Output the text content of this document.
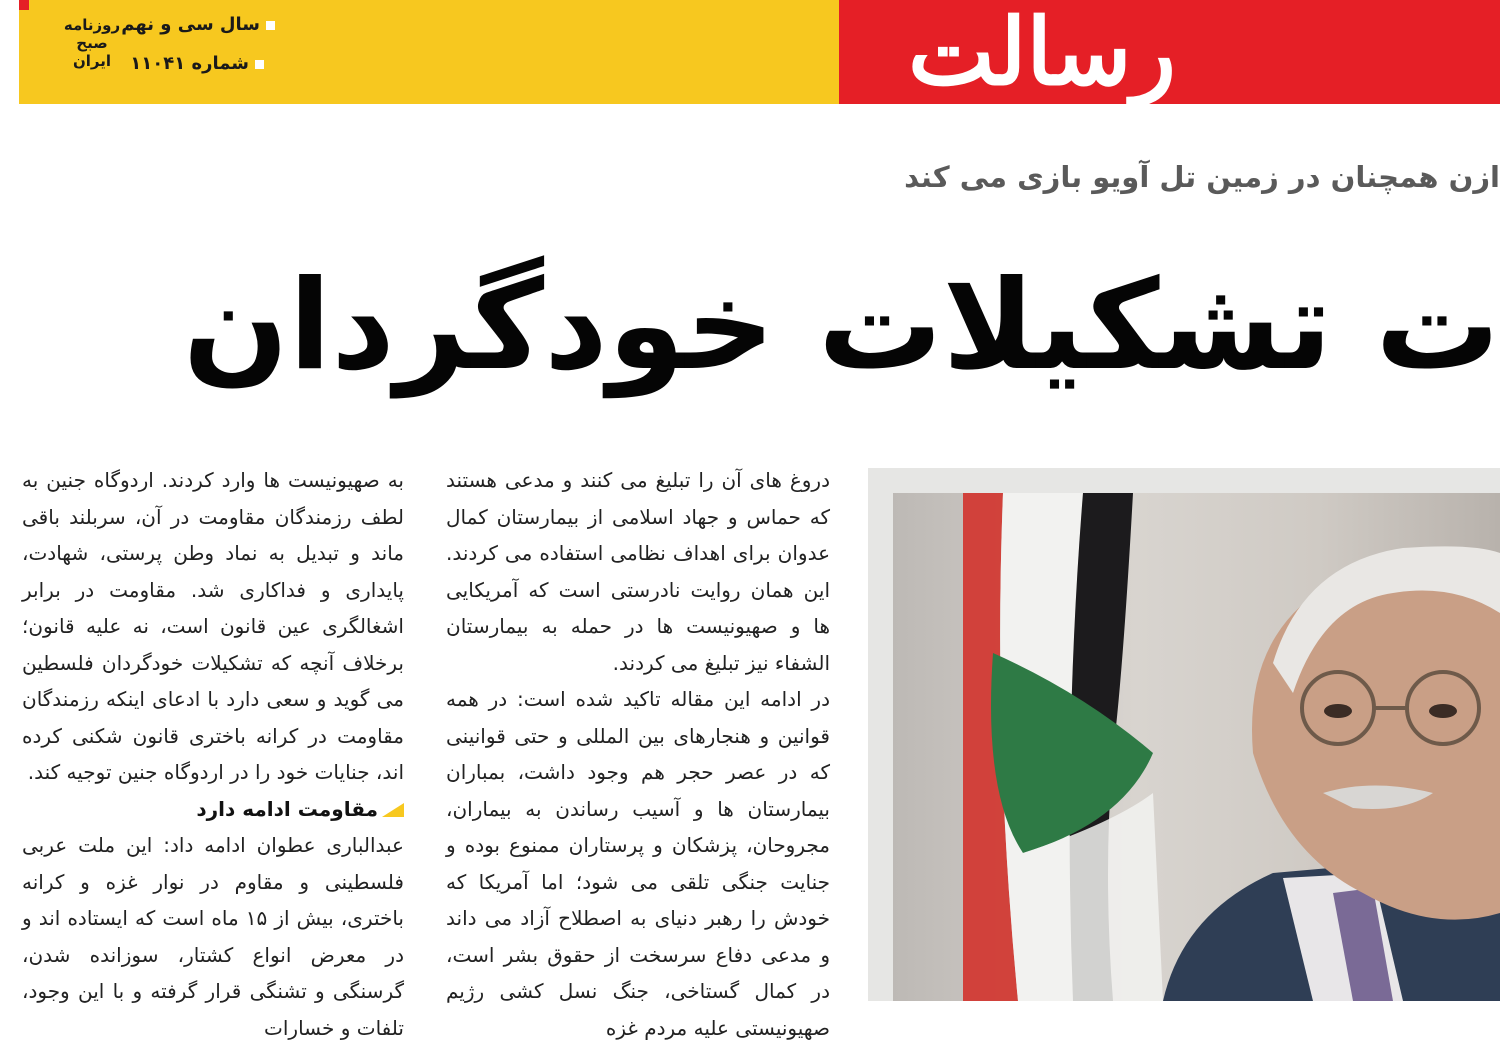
رسالت
سال سی و نهم
شماره ۱۱۰۴۱
روزنامه
صبح
ایران
ازن همچنان در زمین تل آویو بازی می کند
ت تشکیلات خودگردان

دروغ های آن را تبلیغ می کنند و مدعی هستند که حماس و جهاد اسلامی از بیمارستان کمال عدوان برای اهداف نظامی استفاده می کردند. این همان روایت نادرستی است که آمریکایی ها و صهیونیست ها در حمله به بیمارستان الشفاء نیز تبلیغ می کردند.

در ادامه این مقاله تاکید شده است: در همه قوانین و هنجارهای بین المللی و حتی قوانینی که در عصر حجر هم وجود داشت، بمباران بیمارستان ها و آسیب رساندن به بیماران، مجروحان، پزشکان و پرستاران ممنوع بوده و جنایت جنگی تلقی می شود؛ اما آمریکا که خودش را رهبر دنیای به اصطلاح آزاد می داند و مدعی دفاع سرسخت از حقوق بشر است، در کمال گستاخی، جنگ نسل کشی رژیم صهیونیستی علیه مردم غزه

به صهیونیست ها وارد کردند. اردوگاه جنین به لطف رزمندگان مقاومت در آن، سربلند باقی ماند و تبدیل به نماد وطن پرستی، شهادت، پایداری و فداکاری شد. مقاومت در برابر اشغالگری عین قانون است، نه علیه قانون؛ برخلاف آنچه که تشکیلات خودگردان فلسطین می گوید و سعی دارد با ادعای اینکه رزمندگان مقاومت در کرانه باختری قانون شکنی کرده اند، جنایات خود را در اردوگاه جنین توجیه کند.

مقاومت ادامه دارد

عبدالباری عطوان ادامه داد: این ملت عربی فلسطینی و مقاوم در نوار غزه و کرانه باختری، بیش از ۱۵ ماه است که ایستاده اند و در معرض انواع کشتار، سوزانده شدن، گرسنگی و تشنگی قرار گرفته و با این وجود، تلفات و خسارات
